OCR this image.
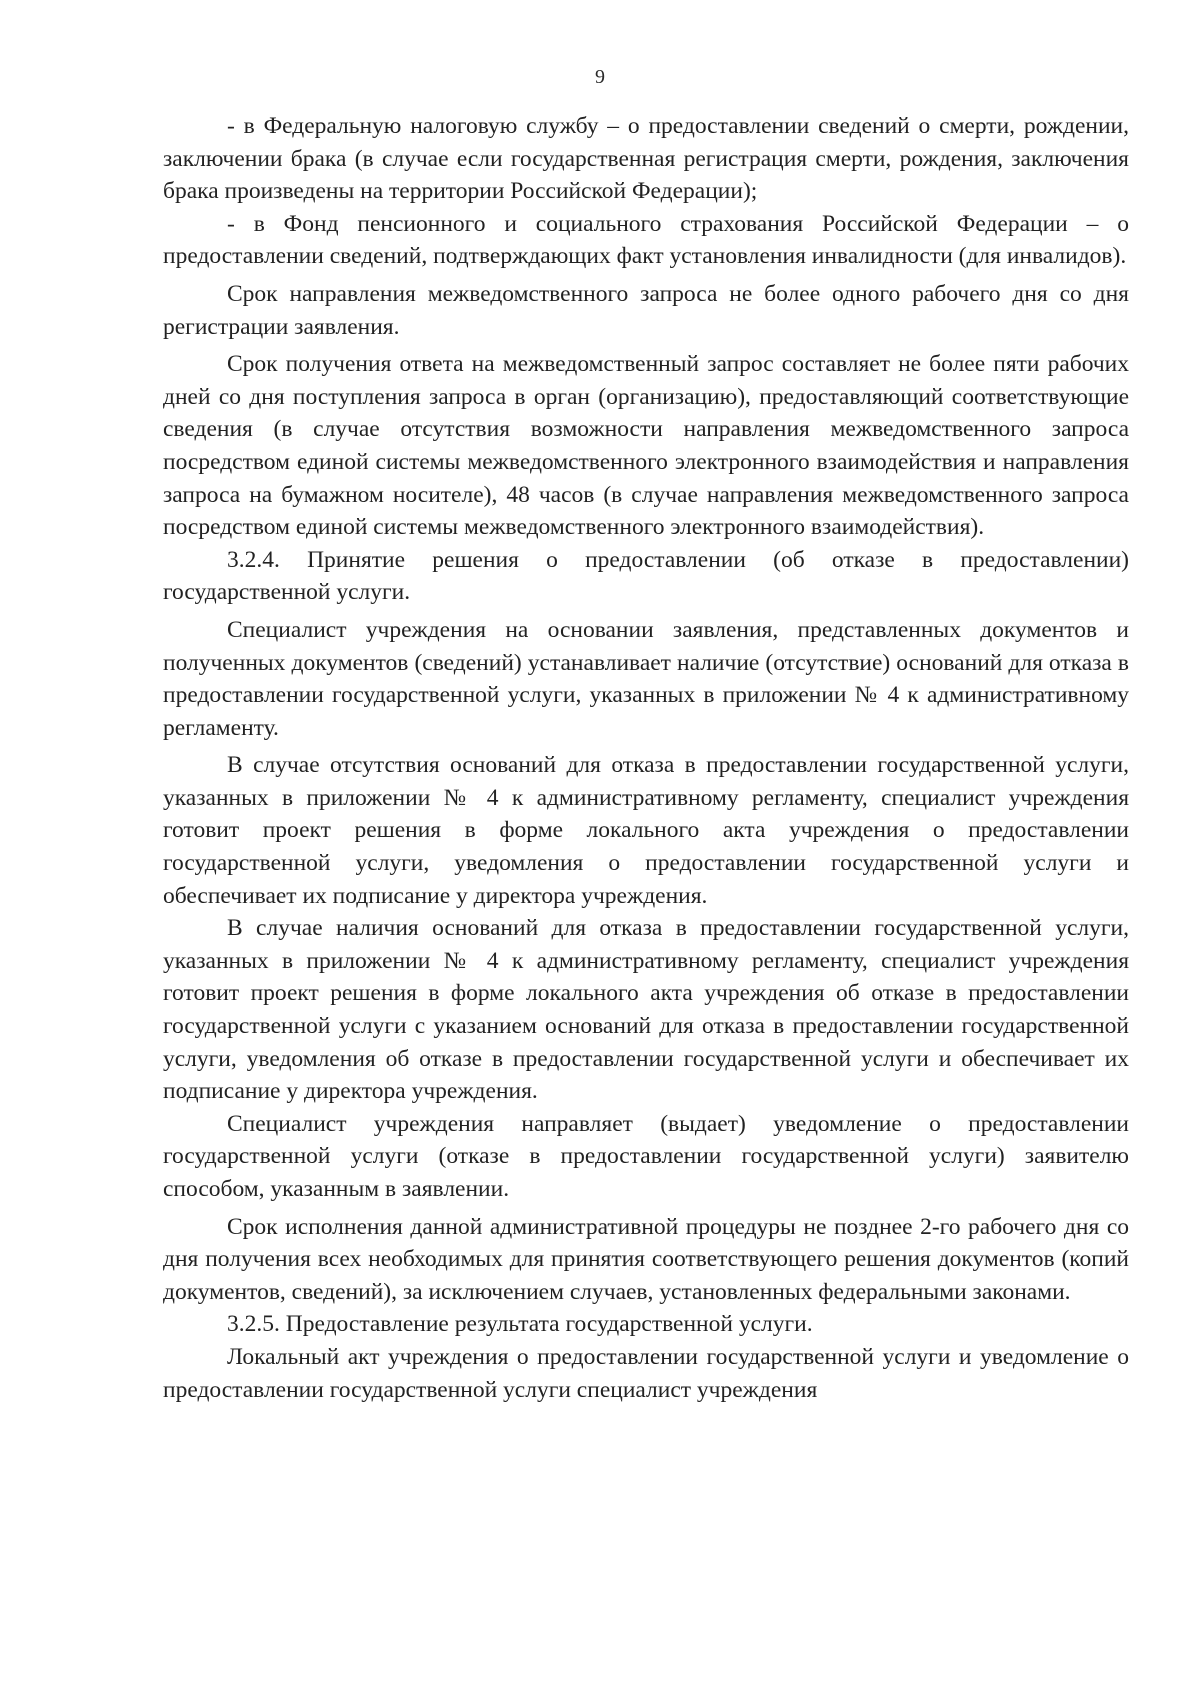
9

- в Федеральную налоговую службу – о предоставлении сведений о смерти, рождении, заключении брака (в случае если государственная регистрация смерти, рождения, заключения брака произведены на территории Российской Федерации);

- в Фонд пенсионного и социального страхования Российской Федерации – о предоставлении сведений, подтверждающих факт установления инвалидности (для инвалидов).

Срок направления межведомственного запроса не более одного рабочего дня со дня регистрации заявления.

Срок получения ответа на межведомственный запрос составляет не более пяти рабочих дней со дня поступления запроса в орган (организацию), предоставляющий соответствующие сведения (в случае отсутствия возможности направления межведомственного запроса посредством единой системы межведомственного электронного взаимодействия и направления запроса на бумажном носителе), 48 часов (в случае направления межведомственного запроса посредством единой системы межведомственного электронного взаимодействия).

3.2.4. Принятие решения о предоставлении (об отказе в предоставлении) государственной услуги.

Специалист учреждения на основании заявления, представленных документов и полученных документов (сведений) устанавливает наличие (отсутствие) оснований для отказа в предоставлении государственной услуги, указанных в приложении № 4 к административному регламенту.

В случае отсутствия оснований для отказа в предоставлении государственной услуги, указанных в приложении № 4 к административному регламенту, специалист учреждения готовит проект решения в форме локального акта учреждения о предоставлении государственной услуги, уведомления о предоставлении государственной услуги и обеспечивает их подписание у директора учреждения.

В случае наличия оснований для отказа в предоставлении государственной услуги, указанных в приложении № 4 к административному регламенту, специалист учреждения готовит проект решения в форме локального акта учреждения об отказе в предоставлении государственной услуги с указанием оснований для отказа в предоставлении государственной услуги, уведомления об отказе в предоставлении государственной услуги и обеспечивает их подписание у директора учреждения.

Специалист учреждения направляет (выдает) уведомление о предоставлении государственной услуги (отказе в предоставлении государственной услуги) заявителю способом, указанным в заявлении.

Срок исполнения данной административной процедуры не позднее 2-го рабочего дня со дня получения всех необходимых для принятия соответствующего решения документов (копий документов, сведений), за исключением случаев, установленных федеральными законами.

3.2.5. Предоставление результата государственной услуги.

Локальный акт учреждения о предоставлении государственной услуги и уведомление о предоставлении государственной услуги специалист учреждения
